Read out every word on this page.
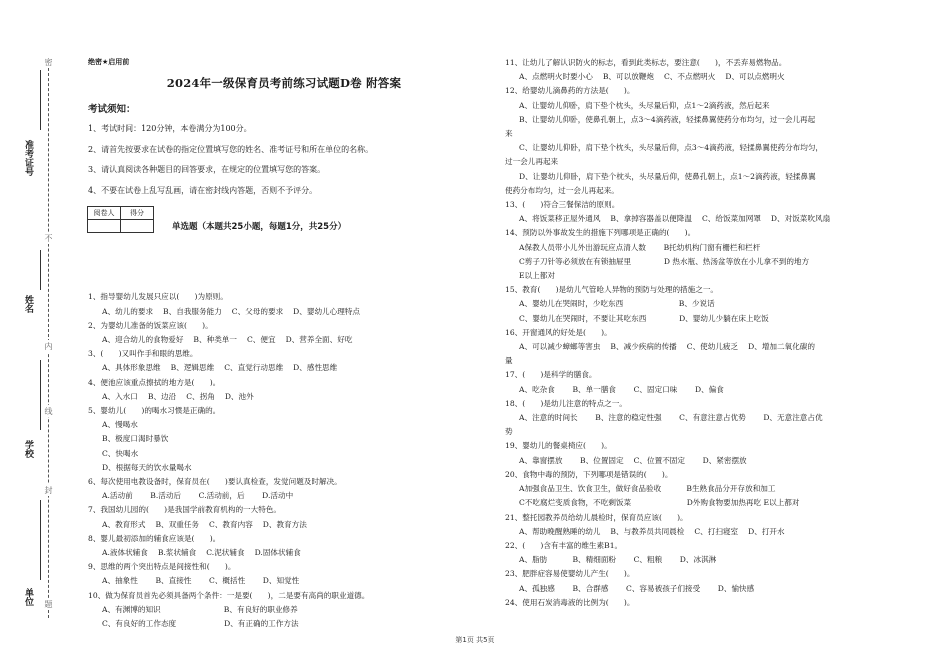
密
不
内
线
封
题
准考证号
姓名
学校
单位
绝密★启用前
2024年一级保育员考前练习试题D卷 附答案
考试须知：
1、考试时间：120分钟，本卷满分为100分。
2、请首先按要求在试卷的指定位置填写您的姓名、准考证号和所在单位的名称。
3、请认真阅读各种题目的回答要求，在规定的位置填写您的答案。
4、不要在试卷上乱写乱画，请在密封线内答题，否则不予评分。
阅卷人	得分

单选题（本题共25小题，每题1分，共25分）
1、指导婴幼儿发展只应以(　　)为原则。
A、幼儿的要求　 B、自我服务能力　 C、父母的要求　 D、婴幼儿心理特点
2、为婴幼儿准备的饭菜应该(　　)。
A、迎合幼儿的食物爱好　 B、种类单一　 C、便宜　 D、营养全面、好吃
3、(　　)又叫作手和眼的思维。
A、具体形象思维　 B、逻辑思维　 C、直觉行动思维　 D、感性思维
4、便池应该重点擦拭的地方是(　　)。
A、入水口　 B、边沿　 C、拐角　 D、池外
5、婴幼儿(　　)的喝水习惯是正确的。
A、慢喝水
B、极度口渴时暴饮
C、快喝水
D、根据每天的饮水量喝水
6、每次使用电教设备时，保育员在(　　)要认真检查，发觉问题及时解决。
A.活动前　　 B.活动后　　 C.活动前，后　　 D.活动中
7、我国幼儿园的(　　)是我国学前教育机构的一大特色。
A、教育形式　 B、双重任务　 C、教育内容　 D、教育方法
8、婴儿最初添加的辅食应该是(　　)。
A.液体状辅食　 B.浆状辅食　 C.泥状辅食　 D.固体状辅食
9、思维的两个突出特点是间接性和(　　)。
A、抽象性　　 B、直接性　　 C、概括性　　 D、知觉性
10、做为保育员首先必须具备两个条件：一是要(　　)，二是要有高尚的职业道德。
A、有渊博的知识　　　　　　　　 B、有良好的职业修养
C、有良好的工作态度　　　　　　 D、有正确的工作方法
11、让幼儿了解认识防火的标志，看到此类标志，要注意(　　)，不丢弃易燃物品。
A、点燃明火时要小心　 B、可以放鞭炮　 C、不点燃明火　 D、可以点燃明火
12、给婴幼儿滴鼻药的方法是(　　)。
A、让婴幼儿仰卧，肩下垫个枕头，头尽量后仰，点1～2滴药液，然后起来
B、让婴幼儿仰卧，使鼻孔朝上，点3～4滴药液，轻揉鼻翼使药分布均匀，过一会儿再起
来
C、让婴幼儿仰卧，肩下垫个枕头，头尽量后仰，点3～4滴药液，轻揉鼻翼使药分布均匀，
过一会儿再起来
D、让婴幼儿仰卧，肩下垫个枕头，头尽量后仰，使鼻孔朝上，点1～2滴药液，轻揉鼻翼
使药分布均匀，过一会儿再起来。
13、(　　)符合三餐保洁的原则。
A、将饭菜移正屋外通风　 B、拿掉容器盖以便降温　 C、给饭菜加网罩　 D、对饭菜吹风扇
14、预防以外事故发生的措施下列哪项是正确的(　　)。
A保教人员带小儿外出游玩应点清人数　　 B托幼机构门窗有栅栏和栏杆
C剪子刀针等必须放在有锁抽屉里　　　　 D 热水瓶、热汤盆等放在小儿拿不到的地方
E以上都对
15、教育(　　)是幼儿气管呛人异物的预防与处理的措施之一。
A、婴幼儿在哭闹时，少吃东西　　　　　　　 B、少说话
C、婴幼儿在哭闹时，不要让其吃东西　　　　 D、婴幼儿少躺在床上吃饭
16、开窗通风的好处是(　　)。
A、可以减少蟑螂等害虫　 B、减少疾病的传播　 C、使幼儿疲乏　 D、增加二氧化碳的
量
17、(　　)是科学的膳食。
A、吃杂食　　 B、单一膳食　　 C、固定口味　　 D、偏食
18、(　　)是幼儿注意的特点之一。
A、注意的时间长　　 B、注意的稳定性强　　 C、有意注意占优势　　 D、无意注意占优
势
19、婴幼儿的餐桌椅应(　　)。
A、靠窗摆放　　 B、位置固定　 C、位置不固定　　 D、紧密摆放
20、食物中毒的预防，下列哪项是错误的(　　)。
A加强食品卫生、饮食卫生，做好食品验收　　　 B生熟食品分开存放和加工
C不吃腐烂变质食物，不吃剩饭菜　　　　　　　 D外购食物要加热再吃 E以上都对
21、整托园教养员给幼儿晨检时，保育员应该(　　)。
A、帮助晚醒熟睡的幼儿　 B、与教养员共同晨检　 C、打扫寝室　 D、打开水
22、(　　)含有丰富的维生素B1。
A、脂肪　　　 B、精细面粉　　 C、粗粮　　 D、冰淇淋
23、肥胖症容易使婴幼儿产生(　　)。
A、孤独感　　 B、合群感　　 C、容易被孩子们接受　　 D、愉快感
24、使用石炭消毒液的比例为(　　)。
第1页 共5页
